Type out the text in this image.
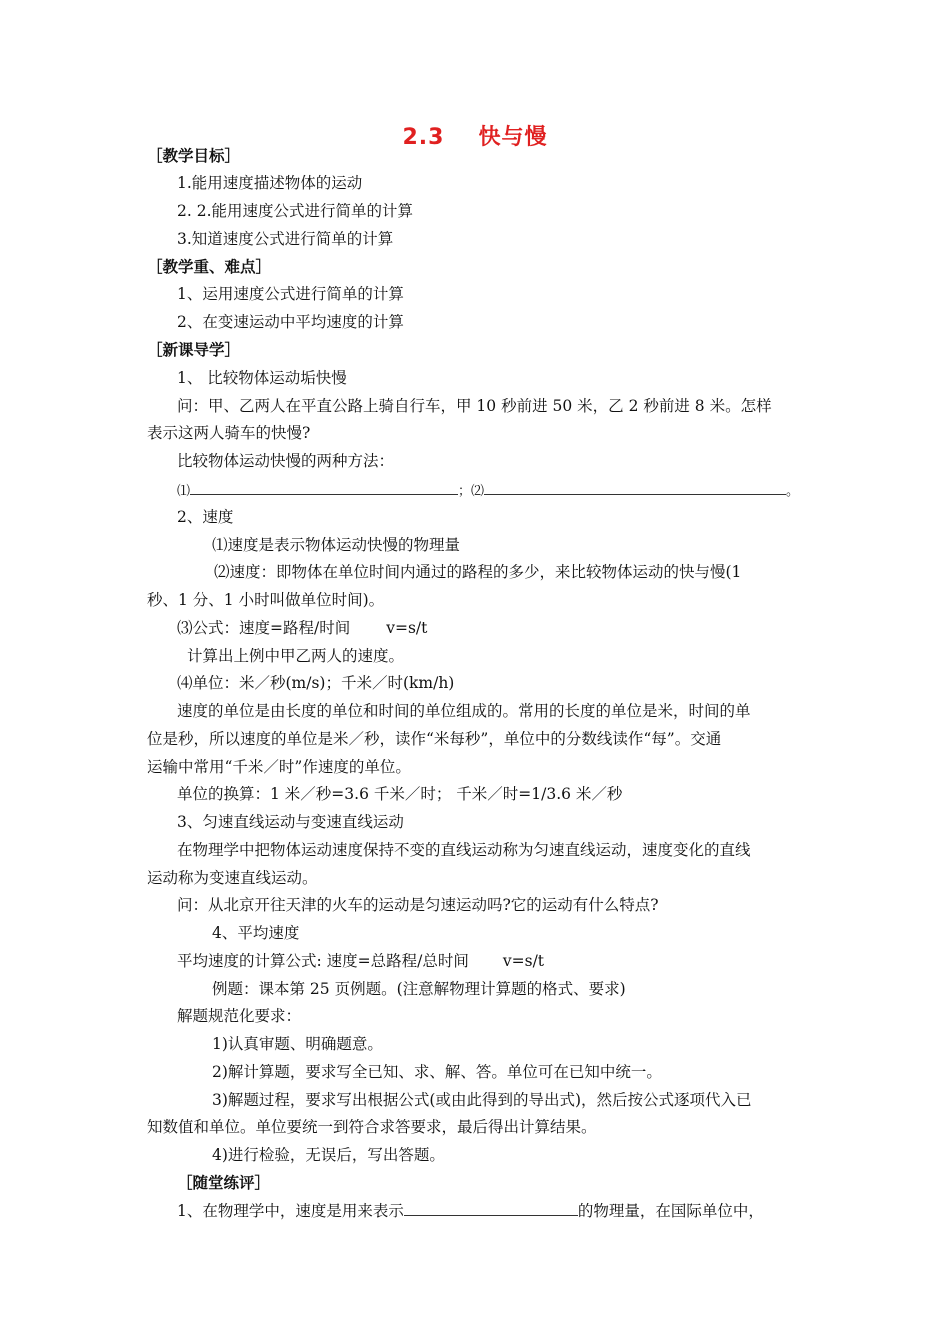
2.3 快与慢
［教学目标］
1.能用速度描述物体的运动
2. 2.能用速度公式进行简单的计算
3.知道速度公式进行简单的计算
［教学重、难点］
1、运用速度公式进行简单的计算
2、在变速运动中平均速度的计算
［新课导学］
1、 比较物体运动垢快慢
问：甲、乙两人在平直公路上骑自行车，甲 10 秒前进 50 米，乙 2 秒前进 8 米。怎样
表示这两人骑车的快慢?
比较物体运动快慢的两种方法：
⑴	；⑵	。
2、速度
⑴速度是表示物体运动快慢的物理量
⑵速度：即物体在单位时间内通过的路程的多少，来比较物体运动的快与慢(1
秒、1 分、1 小时叫做单位时间)。
⑶公式：速度=路程/时间 v=s/t
计算出上例中甲乙两人的速度。
⑷单位：米／秒(m/s)；千米／时(km/h)
速度的单位是由长度的单位和时间的单位组成的。常用的长度的单位是米，时间的单
位是秒，所以速度的单位是米／秒，读作“米每秒”，单位中的分数线读作“每”。交通
运输中常用“千米／时”作速度的单位。
单位的换算：1 米／秒=3.6 千米／时； 千米／时=1/3.6 米／秒
3、匀速直线运动与变速直线运动
在物理学中把物体运动速度保持不变的直线运动称为匀速直线运动，速度变化的直线
运动称为变速直线运动。
问：从北京开往天津的火车的运动是匀速运动吗?它的运动有什么特点?
4、平均速度
平均速度的计算公式: 速度=总路程/总时间 v=s/t
例题：课本第 25 页例题。(注意解物理计算题的格式、要求)
解题规范化要求：
1)认真审题、明确题意。
2)解计算题，要求写全已知、求、解、答。单位可在已知中统一。
3)解题过程，要求写出根据公式(或由此得到的导出式)，然后按公式逐项代入已
知数值和单位。单位要统一到符合求答要求，最后得出计算结果。
4)进行检验，无误后，写出答题。
［随堂练评］
1、在物理学中，速度是用来表示	的物理量，在国际单位中，
